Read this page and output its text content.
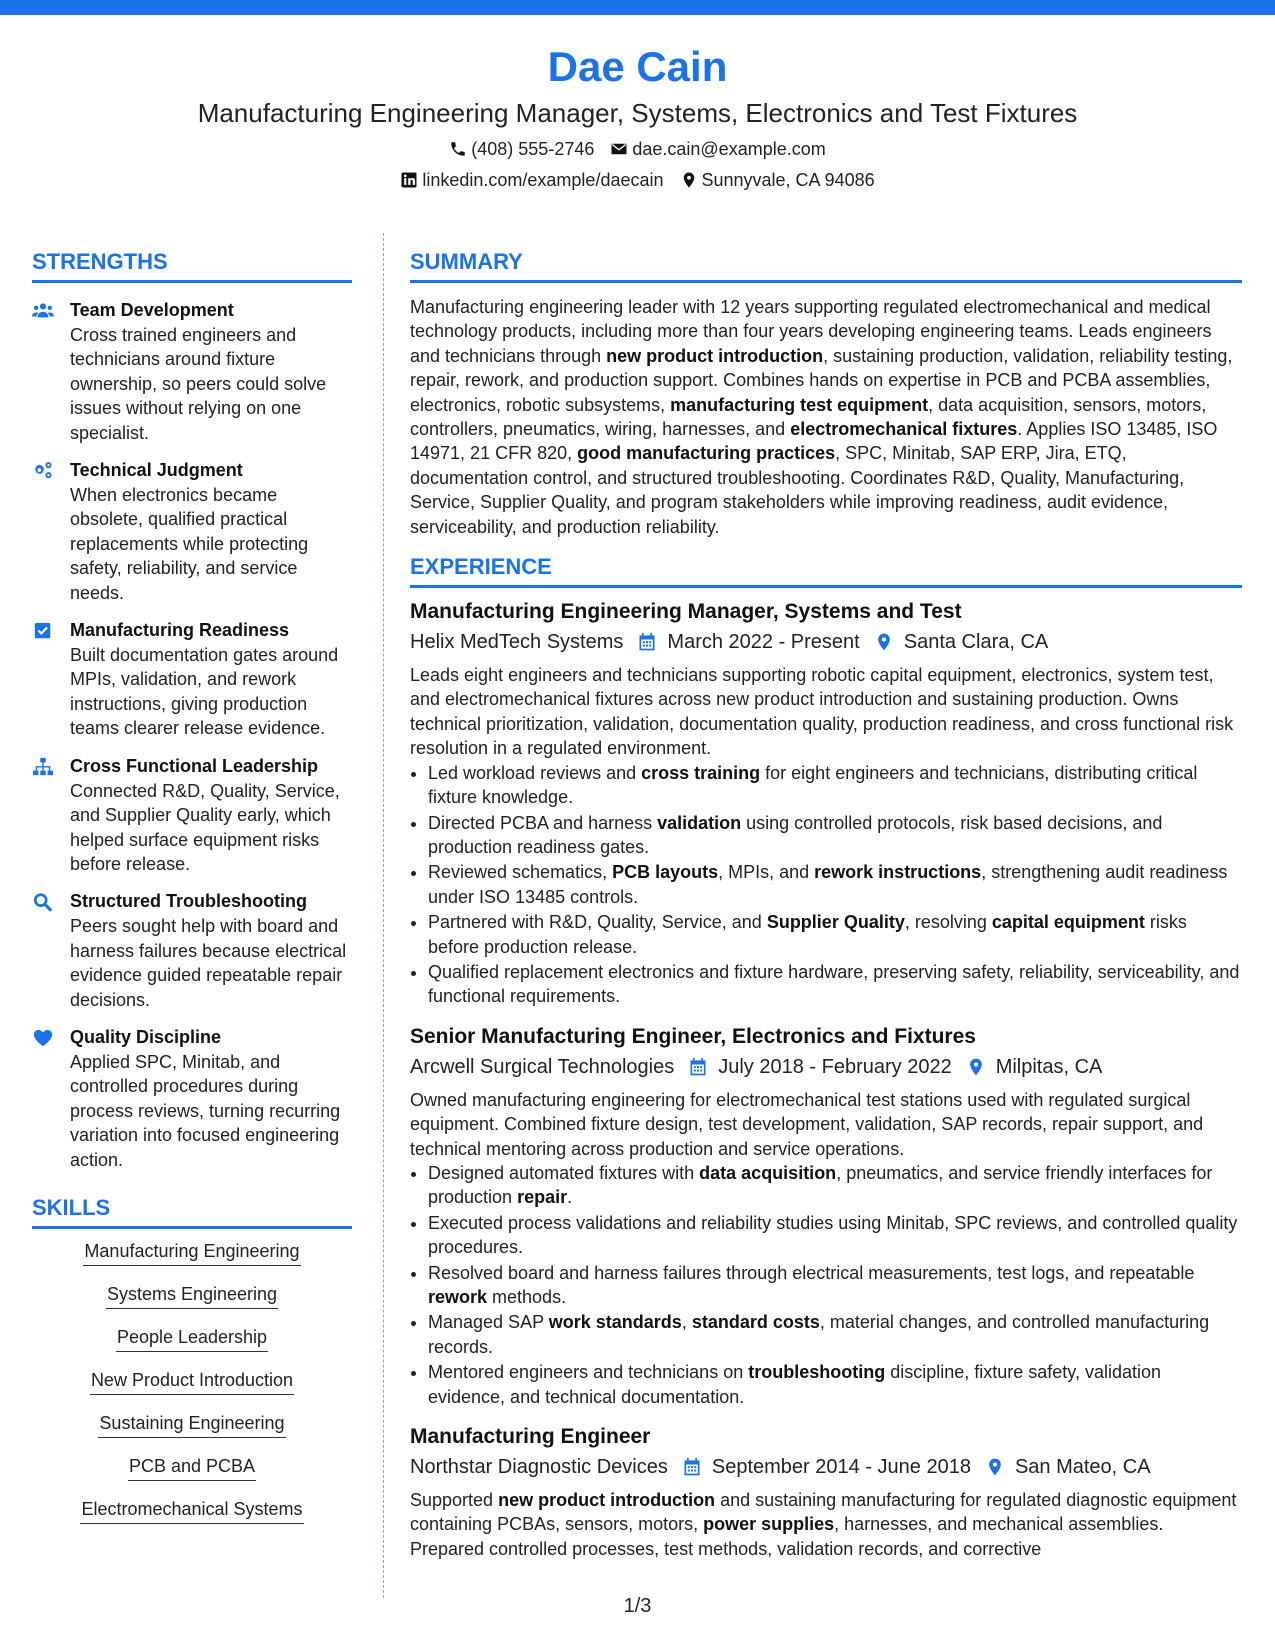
Dae Cain
Manufacturing Engineering Manager, Systems, Electronics and Test Fixtures
(408) 555-2746 dae.cain@example.com
linkedin.com/example/daecain Sunnyvale, CA 94086
STRENGTHS
Team Development
Cross trained engineers and technicians around fixture ownership, so peers could solve issues without relying on one specialist.
Technical Judgment
When electronics became obsolete, qualified practical replacements while protecting safety, reliability, and service needs.
Manufacturing Readiness
Built documentation gates around MPIs, validation, and rework instructions, giving production teams clearer release evidence.
Cross Functional Leadership
Connected R&D, Quality, Service, and Supplier Quality early, which helped surface equipment risks before release.
Structured Troubleshooting
Peers sought help with board and harness failures because electrical evidence guided repeatable repair decisions.
Quality Discipline
Applied SPC, Minitab, and controlled procedures during process reviews, turning recurring variation into focused engineering action.
SKILLS
Manufacturing Engineering
Systems Engineering
People Leadership
New Product Introduction
Sustaining Engineering
PCB and PCBA
Electromechanical Systems
SUMMARY
Manufacturing engineering leader with 12 years supporting regulated electromechanical and medical technology products, including more than four years developing engineering teams. Leads engineers and technicians through new product introduction, sustaining production, validation, reliability testing, repair, rework, and production support. Combines hands on expertise in PCB and PCBA assemblies, electronics, robotic subsystems, manufacturing test equipment, data acquisition, sensors, motors, controllers, pneumatics, wiring, harnesses, and electromechanical fixtures. Applies ISO 13485, ISO 14971, 21 CFR 820, good manufacturing practices, SPC, Minitab, SAP ERP, Jira, ETQ, documentation control, and structured troubleshooting. Coordinates R&D, Quality, Manufacturing, Service, Supplier Quality, and program stakeholders while improving readiness, audit evidence, serviceability, and production reliability.
EXPERIENCE
Manufacturing Engineering Manager, Systems and Test
Helix MedTech Systems March 2022 - Present Santa Clara, CA
Leads eight engineers and technicians supporting robotic capital equipment, electronics, system test, and electromechanical fixtures across new product introduction and sustaining production. Owns technical prioritization, validation, documentation quality, production readiness, and cross functional risk resolution in a regulated environment.
• Led workload reviews and cross training for eight engineers and technicians, distributing critical fixture knowledge.
• Directed PCBA and harness validation using controlled protocols, risk based decisions, and production readiness gates.
• Reviewed schematics, PCB layouts, MPIs, and rework instructions, strengthening audit readiness under ISO 13485 controls.
• Partnered with R&D, Quality, Service, and Supplier Quality, resolving capital equipment risks before production release.
• Qualified replacement electronics and fixture hardware, preserving safety, reliability, serviceability, and functional requirements.
Senior Manufacturing Engineer, Electronics and Fixtures
Arcwell Surgical Technologies July 2018 - February 2022 Milpitas, CA
Owned manufacturing engineering for electromechanical test stations used with regulated surgical equipment. Combined fixture design, test development, validation, SAP records, repair support, and technical mentoring across production and service operations.
• Designed automated fixtures with data acquisition, pneumatics, and service friendly interfaces for production repair.
• Executed process validations and reliability studies using Minitab, SPC reviews, and controlled quality procedures.
• Resolved board and harness failures through electrical measurements, test logs, and repeatable rework methods.
• Managed SAP work standards, standard costs, material changes, and controlled manufacturing records.
• Mentored engineers and technicians on troubleshooting discipline, fixture safety, validation evidence, and technical documentation.
Manufacturing Engineer
Northstar Diagnostic Devices September 2014 - June 2018 San Mateo, CA
Supported new product introduction and sustaining manufacturing for regulated diagnostic equipment containing PCBAs, sensors, motors, power supplies, harnesses, and mechanical assemblies. Prepared controlled processes, test methods, validation records, and corrective
1/3
